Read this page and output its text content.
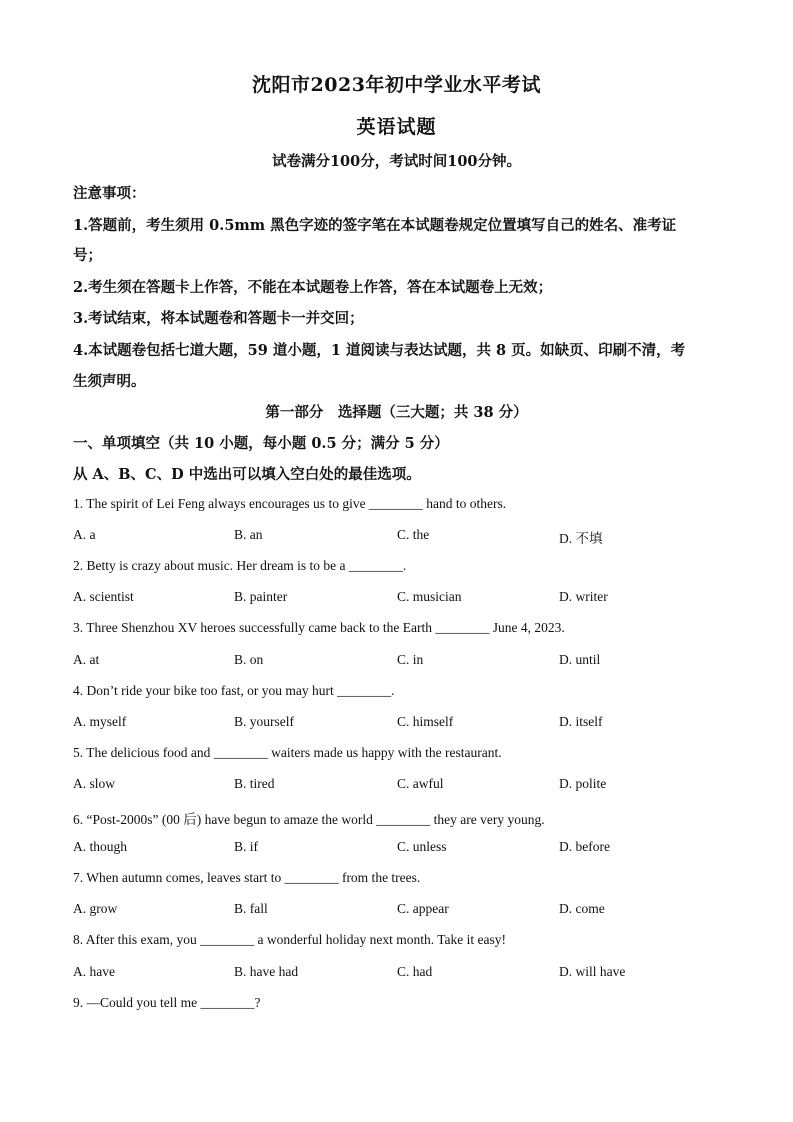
沈阳市2023年初中学业水平考试
英语试题
试卷满分100分，考试时间100分钟。
注意事项：
1.答题前，考生须用 0.5mm 黑色字迹的签字笔在本试题卷规定位置填写自己的姓名、准考证
号；
2.考生须在答题卡上作答，不能在本试题卷上作答，答在本试题卷上无效；
3.考试结束，将本试题卷和答题卡一并交回；
4.本试题卷包括七道大题，59 道小题，1 道阅读与表达试题，共 8 页。如缺页、印刷不清，考
生须声明。
第一部分　选择题（三大题；共 38 分）
一、单项填空（共 10 小题，每小题 0.5 分；满分 5 分）
从 A、B、C、D 中选出可以填入空白处的最佳选项。
1. The spirit of Lei Feng always encourages us to give ________ hand to others.
A. a	B. an	C. the	D. 不填
2. Betty is crazy about music. Her dream is to be a ________.
A. scientist	B. painter	C. musician	D. writer
3. Three Shenzhou XV heroes successfully came back to the Earth ________ June 4, 2023.
A. at	B. on	C. in	D. until
4. Don’t ride your bike too fast, or you may hurt ________.
A. myself	B. yourself	C. himself	D. itself
5. The delicious food and ________ waiters made us happy with the restaurant.
A. slow	B. tired	C. awful	D. polite
6. “Post-2000s” (00 后) have begun to amaze the world ________ they are very young.
A. though	B. if	C. unless	D. before
7. When autumn comes, leaves start to ________ from the trees.
A. grow	B. fall	C. appear	D. come
8. After this exam, you ________ a wonderful holiday next month. Take it easy!
A. have	B. have had	C. had	D. will have
9. —Could you tell me ________?
